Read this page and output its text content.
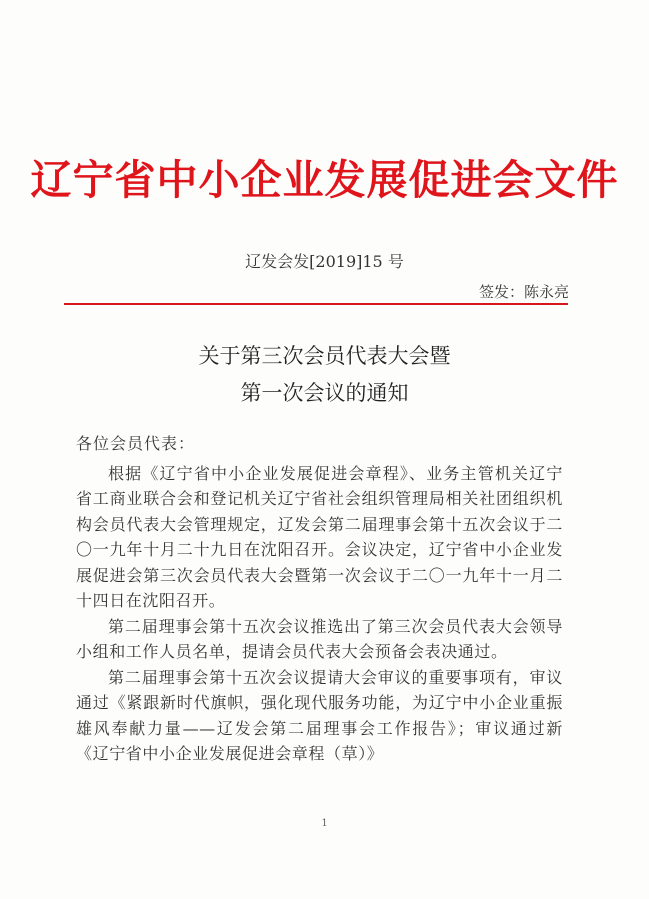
辽宁省中小企业发展促进会文件
辽发会发[2019]15 号
签发：陈永亮
关于第三次会员代表大会暨
第一次会议的通知

各位会员代表：

根据《辽宁省中小企业发展促进会章程》、业务主管机关辽宁省工商业联合会和登记机关辽宁省社会组织管理局相关社团组织机构会员代表大会管理规定，辽发会第二届理事会第十五次会议于二〇一九年十月二十九日在沈阳召开。会议决定，辽宁省中小企业发展促进会第三次会员代表大会暨第一次会议于二〇一九年十一月二十四日在沈阳召开。

第二届理事会第十五次会议推选出了第三次会员代表大会领导小组和工作人员名单，提请会员代表大会预备会表决通过。

第二届理事会第十五次会议提请大会审议的重要事项有，审议通过《紧跟新时代旗帜，强化现代服务功能，为辽宁中小企业重振雄风奉献力量——辽发会第二届理事会工作报告》；审议通过新《辽宁省中小企业发展促进会章程（草）》

1
